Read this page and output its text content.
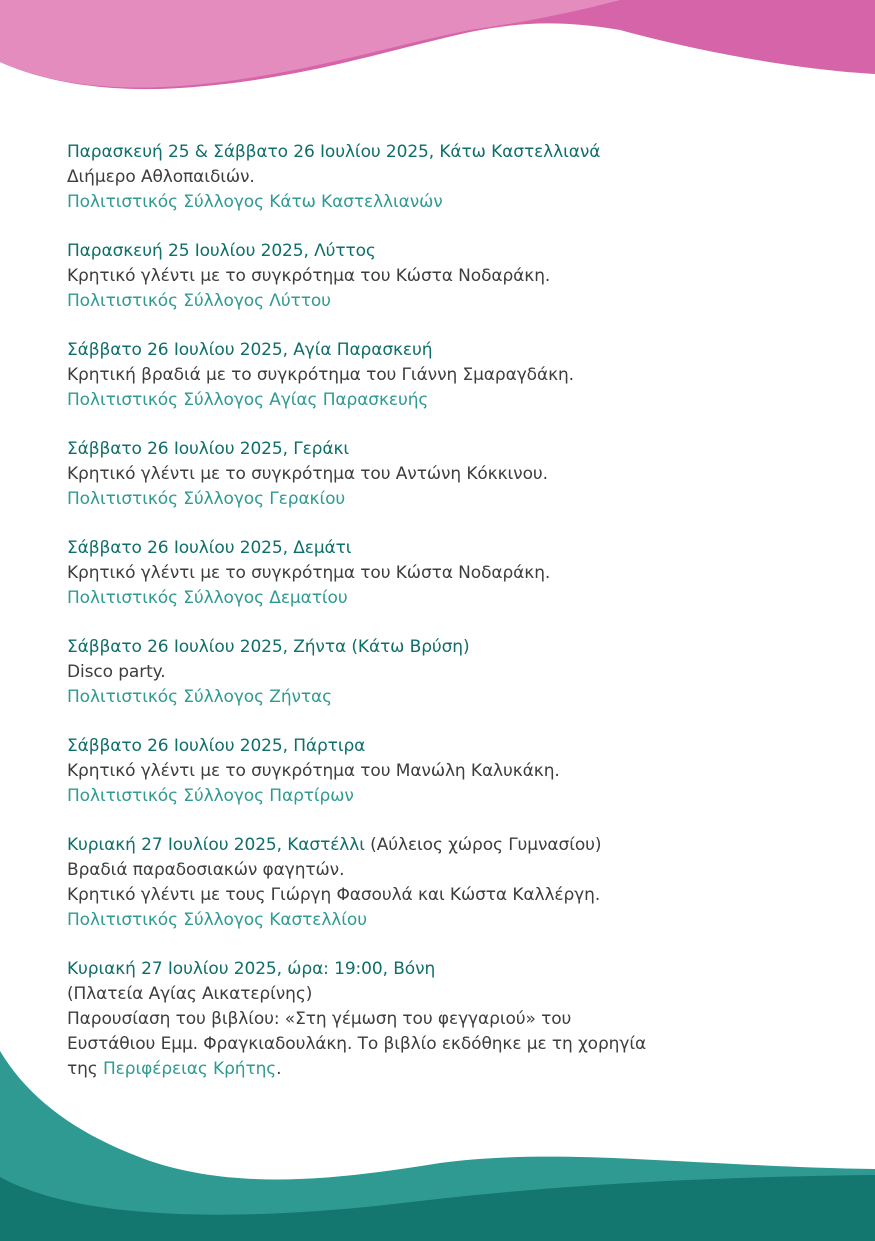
Παρασκευή 25 & Σάββατο 26 Ιουλίου 2025, Κάτω Καστελλιανά
Διήμερο Αθλοπαιδιών.
Πολιτιστικός Σύλλογος Κάτω Καστελλιανών
Παρασκευή 25 Ιουλίου 2025, Λύττος
Κρητικό γλέντι με το συγκρότημα του Κώστα Νοδαράκη.
Πολιτιστικός Σύλλογος Λύττου
Σάββατο 26 Ιουλίου 2025, Αγία Παρασκευή
Κρητική βραδιά με το συγκρότημα του Γιάννη Σμαραγδάκη.
Πολιτιστικός Σύλλογος Αγίας Παρασκευής
Σάββατο 26 Ιουλίου 2025, Γεράκι
Κρητικό γλέντι με το συγκρότημα του Αντώνη Κόκκινου.
Πολιτιστικός Σύλλογος Γερακίου
Σάββατο 26 Ιουλίου 2025, Δεμάτι
Κρητικό γλέντι με το συγκρότημα του Κώστα Νοδαράκη.
Πολιτιστικός Σύλλογος Δεματίου
Σάββατο 26 Ιουλίου 2025, Ζήντα (Κάτω Βρύση)
Disco party.
Πολιτιστικός Σύλλογος Ζήντας
Σάββατο 26 Ιουλίου 2025, Πάρτιρα
Κρητικό γλέντι με το συγκρότημα του Μανώλη Καλυκάκη.
Πολιτιστικός Σύλλογος Παρτίρων
Κυριακή 27 Ιουλίου 2025, Καστέλλι (Αύλειος χώρος Γυμνασίου)
Βραδιά παραδοσιακών φαγητών.
Κρητικό γλέντι με τους Γιώργη Φασουλά και Κώστα Καλλέργη.
Πολιτιστικός Σύλλογος Καστελλίου
Κυριακή 27 Ιουλίου 2025, ώρα: 19:00, Βόνη
(Πλατεία Αγίας Αικατερίνης)
Παρουσίαση του βιβλίου: «Στη γέμωση του φεγγαριού» του
Ευστάθιου Εμμ. Φραγκιαδουλάκη. Το βιβλίο εκδόθηκε με τη χορηγία
της Περιφέρειας Κρήτης.
